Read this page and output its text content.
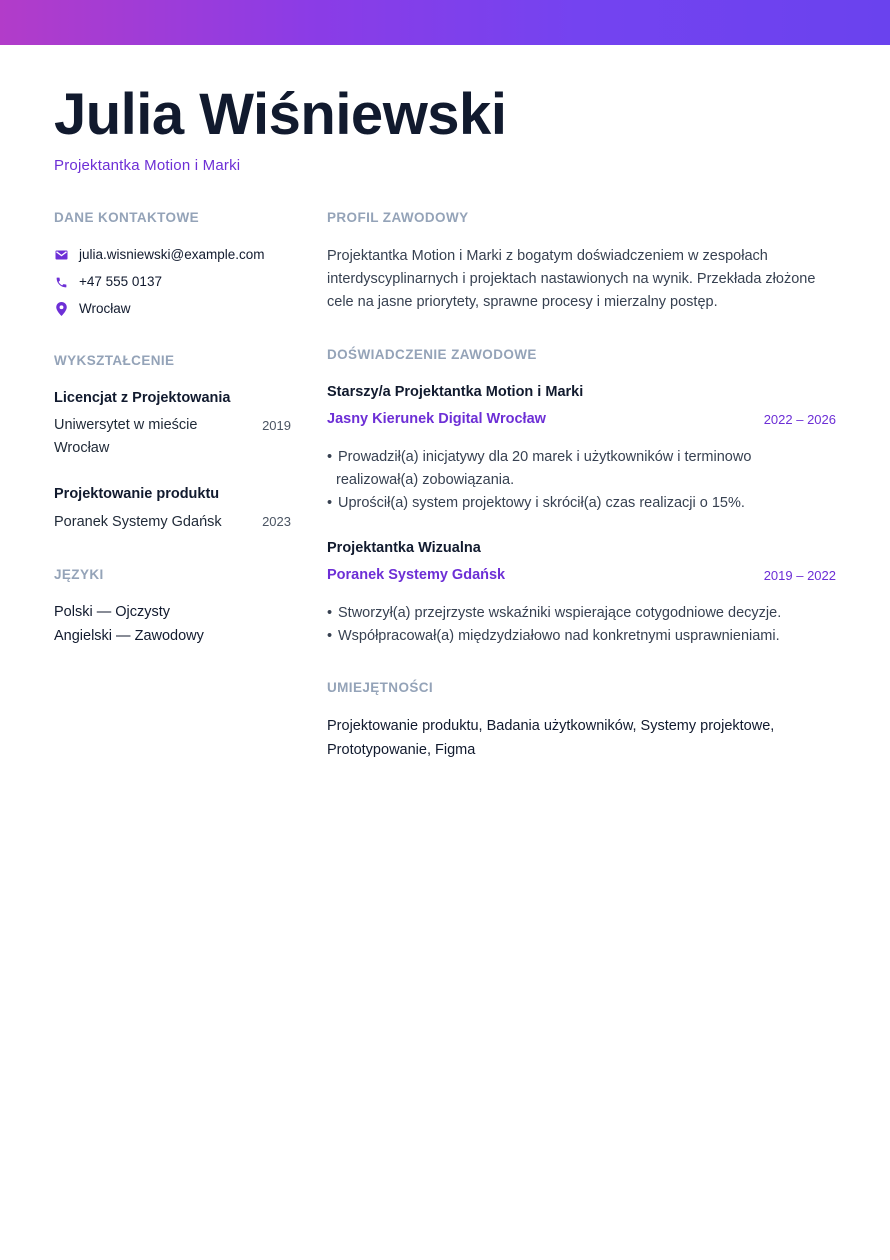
Julia Wiśniewski
Projektantka Motion i Marki
DANE KONTAKTOWE
julia.wisniewski@example.com
+47 555 0137
Wrocław
WYKSZTAŁCENIE
Licencjat z Projektowania
Uniwersytet w mieście Wrocław
2019
Projektowanie produktu
Poranek Systemy Gdańsk	2023
JĘZYKI
Polski — Ojczysty
Angielski — Zawodowy
PROFIL ZAWODOWY

Projektantka Motion i Marki z bogatym doświadczeniem w zespołach interdyscyplinarnych i projektach nastawionych na wynik. Przekłada złożone cele na jasne priorytety, sprawne procesy i mierzalny postęp.

DOŚWIADCZENIE ZAWODOWE
Starszy/a Projektantka Motion i Marki
Jasny Kierunek Digital Wrocław	2022 – 2026
• Prowadził(a) inicjatywy dla 20 marek i użytkowników i terminowo realizował(a) zobowiązania.
• Uprościł(a) system projektowy i skrócił(a) czas realizacji o 15%.
Projektantka Wizualna
Poranek Systemy Gdańsk	2019 – 2022
• Stworzył(a) przejrzyste wskaźniki wspierające cotygodniowe decyzje.
• Współpracował(a) międzydziałowo nad konkretnymi usprawnieniami.
UMIEJĘTNOŚCI

Projektowanie produktu, Badania użytkowników, Systemy projektowe, Prototypowanie, Figma
